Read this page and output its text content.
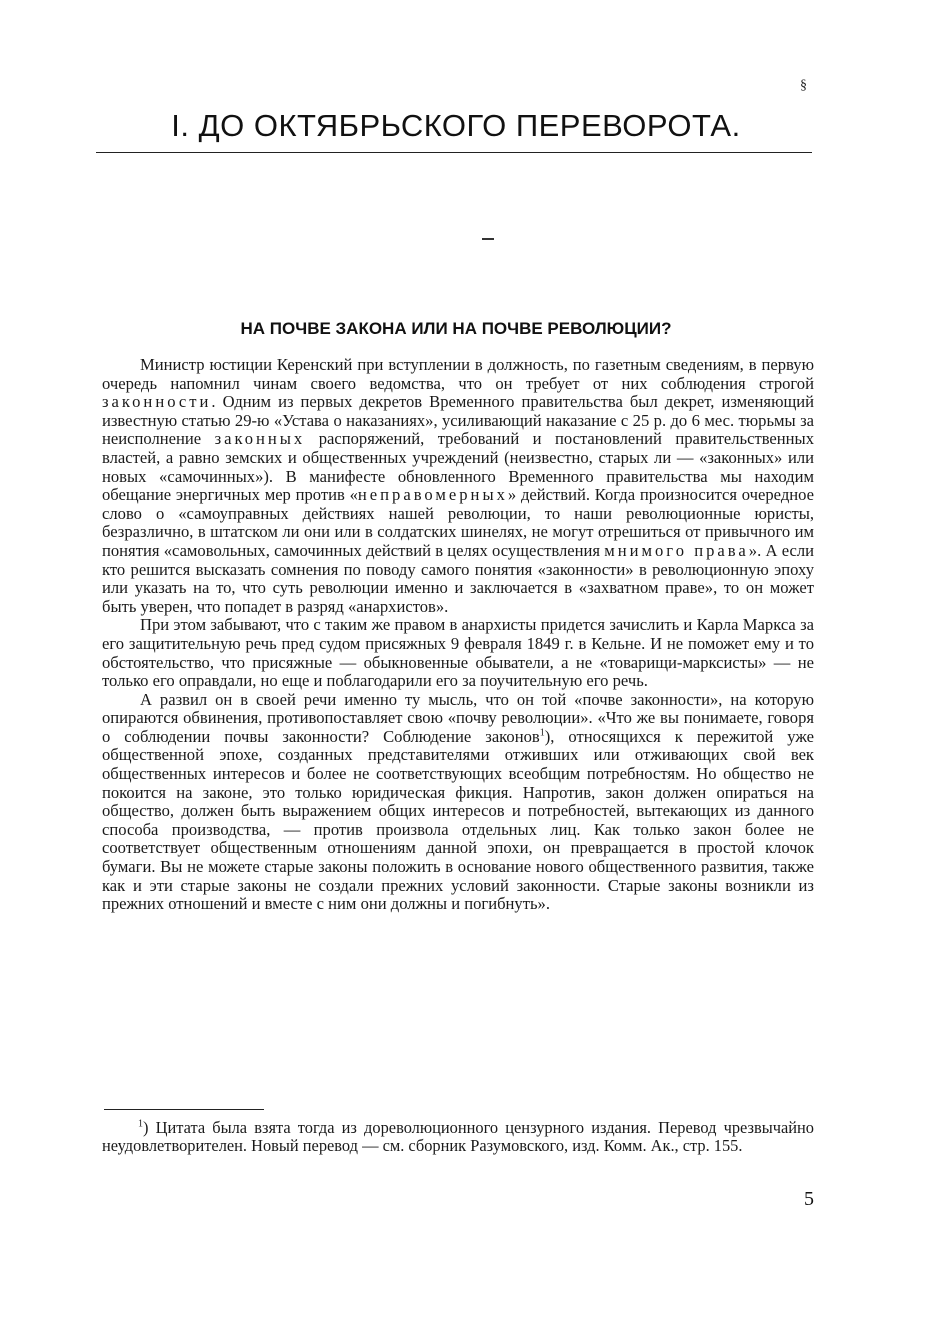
§
I. ДО ОКТЯБРЬСКОГО ПЕРЕВОРОТА.
НА ПОЧВЕ ЗАКОНА ИЛИ НА ПОЧВЕ РЕВОЛЮЦИИ?

Министр юстиции Керенский при вступлении в должность, по газетным сведениям, в первую очередь напомнил чинам своего ведомства, что он требует от них соблюдения строгой законности. Одним из первых декретов Временного правительства был декрет, изменяющий известную статью 29-ю «Устава о наказаниях», усиливающий наказание с 25 р. до 6 мес. тюрьмы за неисполнение законных распоряжений, требований и постановлений правительственных властей, а равно земских и общественных учреждений (неизвестно, старых ли — «законных» или новых «самочинных»). В манифесте обновленного Временного правительства мы находим обещание энергичных мер против «неправомерных» действий. Когда произносится очередное слово о «самоуправных действиях нашей революции, то наши революционные юристы, безразлично, в штатском ли они или в солдатских шинелях, не могут отрешиться от привычного им понятия «самовольных, самочинных действий в целях осуществления мнимого права». А если кто решится высказать сомнения по поводу самого понятия «законности» в революционную эпоху или указать на то, что суть революции именно и заключается в «захватном праве», то он может быть уверен, что попадет в разряд «анархистов».

При этом забывают, что с таким же правом в анархисты придется зачислить и Карла Маркса за его защитительную речь пред судом присяжных 9 февраля 1849 г. в Кельне. И не поможет ему и то обстоятельство, что присяжные — обыкновенные обыватели, а не «товарищи-марксисты» — не только его оправдали, но еще и поблагодарили его за поучительную его речь.

А развил он в своей речи именно ту мысль, что он той «почве законности», на которую опираются обвинения, противопоставляет свою «почву революции». «Что же вы понимаете, говоря о соблюдении почвы законности? Соблюдение законов$^1$), относящихся к пережитой уже общественной эпохе, созданных представителями отживших или отживающих свой век общественных интересов и более не соответствующих всеобщим потребностям. Но общество не покоится на законе, это только юридическая фикция. Напротив, закон должен опираться на общество, должен быть выражением общих интересов и потребностей, вытекающих из данного способа производства, — против произвола отдельных лиц. Как только закон более не соответствует общественным отношениям данной эпохи, он превращается в простой клочок бумаги. Вы не можете старые законы положить в основание нового общественного развития, также как и эти старые законы не создали прежних условий законности. Старые законы возникли из прежних отношений и вместе с ним они должны и погибнуть».

$^1$) Цитата была взята тогда из дореволюционного цензурного издания. Перевод чрезвычайно неудовлетворителен. Новый перевод — см. сборник Разумовского, изд. Комм. Ак., стр. 155.

5
